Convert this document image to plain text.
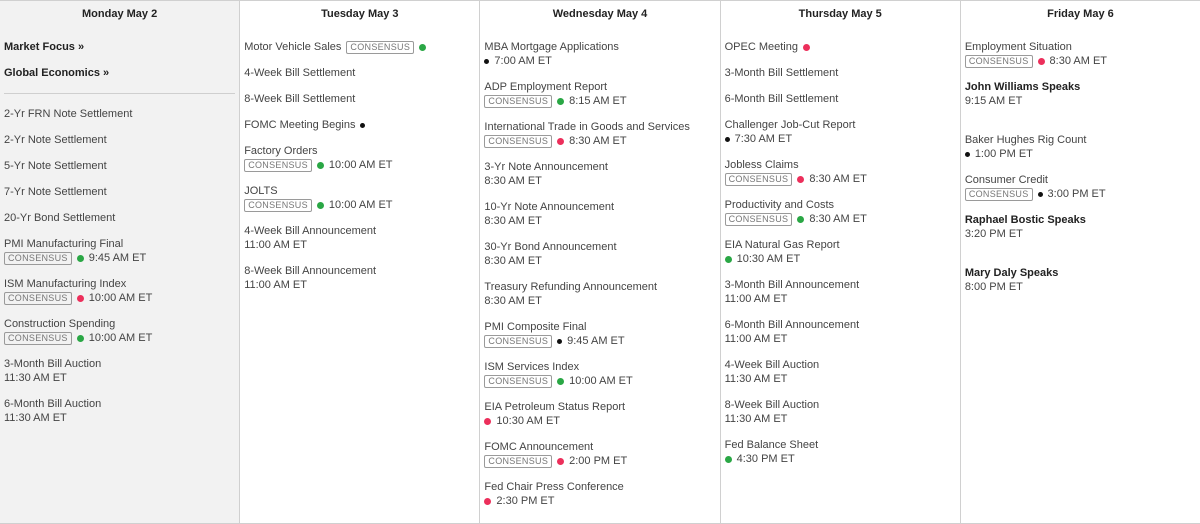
Monday May 2
Market Focus »
Global Economics »
2-Yr FRN Note Settlement
2-Yr Note Settlement
5-Yr Note Settlement
7-Yr Note Settlement
20-Yr Bond Settlement
PMI Manufacturing Final
CONSENSUS	9:45 AM ET
ISM Manufacturing Index
CONSENSUS	10:00 AM ET
Construction Spending
CONSENSUS	10:00 AM ET
3-Month Bill Auction
11:30 AM ET
6-Month Bill Auction
11:30 AM ET
Tuesday May 3
Motor Vehicle Sales	CONSENSUS
4-Week Bill Settlement
8-Week Bill Settlement
FOMC Meeting Begins
Factory Orders
CONSENSUS	10:00 AM ET
JOLTS
CONSENSUS	10:00 AM ET
4-Week Bill Announcement
11:00 AM ET
8-Week Bill Announcement
11:00 AM ET
Wednesday May 4
MBA Mortgage Applications
7:00 AM ET
ADP Employment Report
CONSENSUS	8:15 AM ET
International Trade in Goods and Services
CONSENSUS	8:30 AM ET
3-Yr Note Announcement
8:30 AM ET
10-Yr Note Announcement
8:30 AM ET
30-Yr Bond Announcement
8:30 AM ET
Treasury Refunding Announcement
8:30 AM ET
PMI Composite Final
CONSENSUS	9:45 AM ET
ISM Services Index
CONSENSUS	10:00 AM ET
EIA Petroleum Status Report
10:30 AM ET
FOMC Announcement
CONSENSUS	2:00 PM ET
Fed Chair Press Conference
2:30 PM ET
Thursday May 5
OPEC Meeting
3-Month Bill Settlement
6-Month Bill Settlement
Challenger Job-Cut Report
7:30 AM ET
Jobless Claims
CONSENSUS	8:30 AM ET
Productivity and Costs
CONSENSUS	8:30 AM ET
EIA Natural Gas Report
10:30 AM ET
3-Month Bill Announcement
11:00 AM ET
6-Month Bill Announcement
11:00 AM ET
4-Week Bill Auction
11:30 AM ET
8-Week Bill Auction
11:30 AM ET
Fed Balance Sheet
4:30 PM ET
Friday May 6
Employment Situation
CONSENSUS	8:30 AM ET
John Williams Speaks
9:15 AM ET
Baker Hughes Rig Count
1:00 PM ET
Consumer Credit
CONSENSUS	3:00 PM ET
Raphael Bostic Speaks
3:20 PM ET
Mary Daly Speaks
8:00 PM ET
